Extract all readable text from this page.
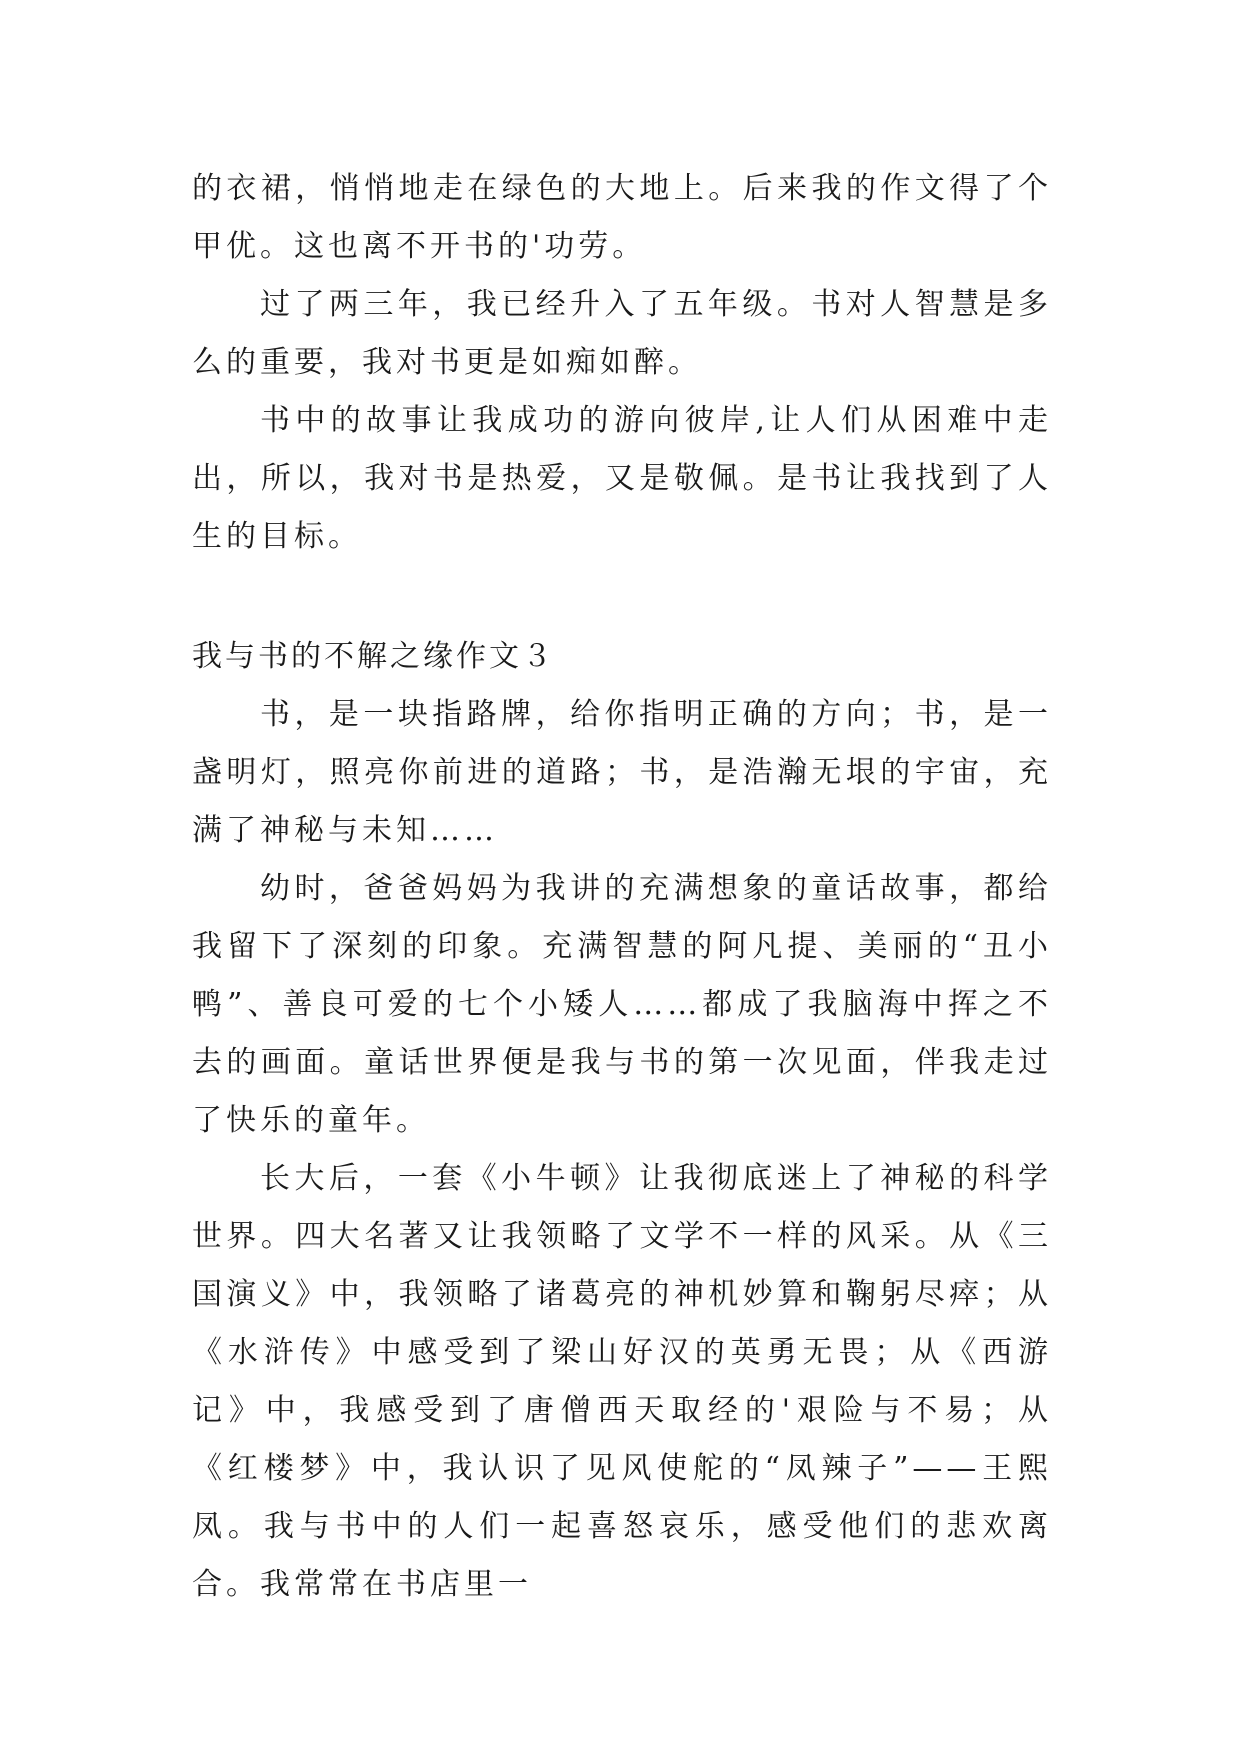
的衣裙，悄悄地走在绿色的大地上。后来我的作文得了个甲优。这也离不开书的'功劳。

过了两三年，我已经升入了五年级。书对人智慧是多么的重要，我对书更是如痴如醉。

书中的故事让我成功的游向彼岸,让人们从困难中走出，所以，我对书是热爱，又是敬佩。是书让我找到了人生的目标。

我与书的不解之缘作文３

书，是一块指路牌，给你指明正确的方向；书，是一盏明灯，照亮你前进的道路；书，是浩瀚无垠的宇宙，充满了神秘与未知……

幼时，爸爸妈妈为我讲的充满想象的童话故事，都给我留下了深刻的印象。充满智慧的阿凡提、美丽的“丑小鸭”、善良可爱的七个小矮人……都成了我脑海中挥之不去的画面。童话世界便是我与书的第一次见面，伴我走过了快乐的童年。

长大后，一套《小牛顿》让我彻底迷上了神秘的科学世界。四大名著又让我领略了文学不一样的风采。从《三国演义》中，我领略了诸葛亮的神机妙算和鞠躬尽瘁；从《水浒传》中感受到了梁山好汉的英勇无畏；从《西游记》中，我感受到了唐僧西天取经的'艰险与不易；从《红楼梦》中，我认识了见风使舵的“凤辣子”——王熙凤。我与书中的人们一起喜怒哀乐，感受他们的悲欢离合。我常常在书店里一
